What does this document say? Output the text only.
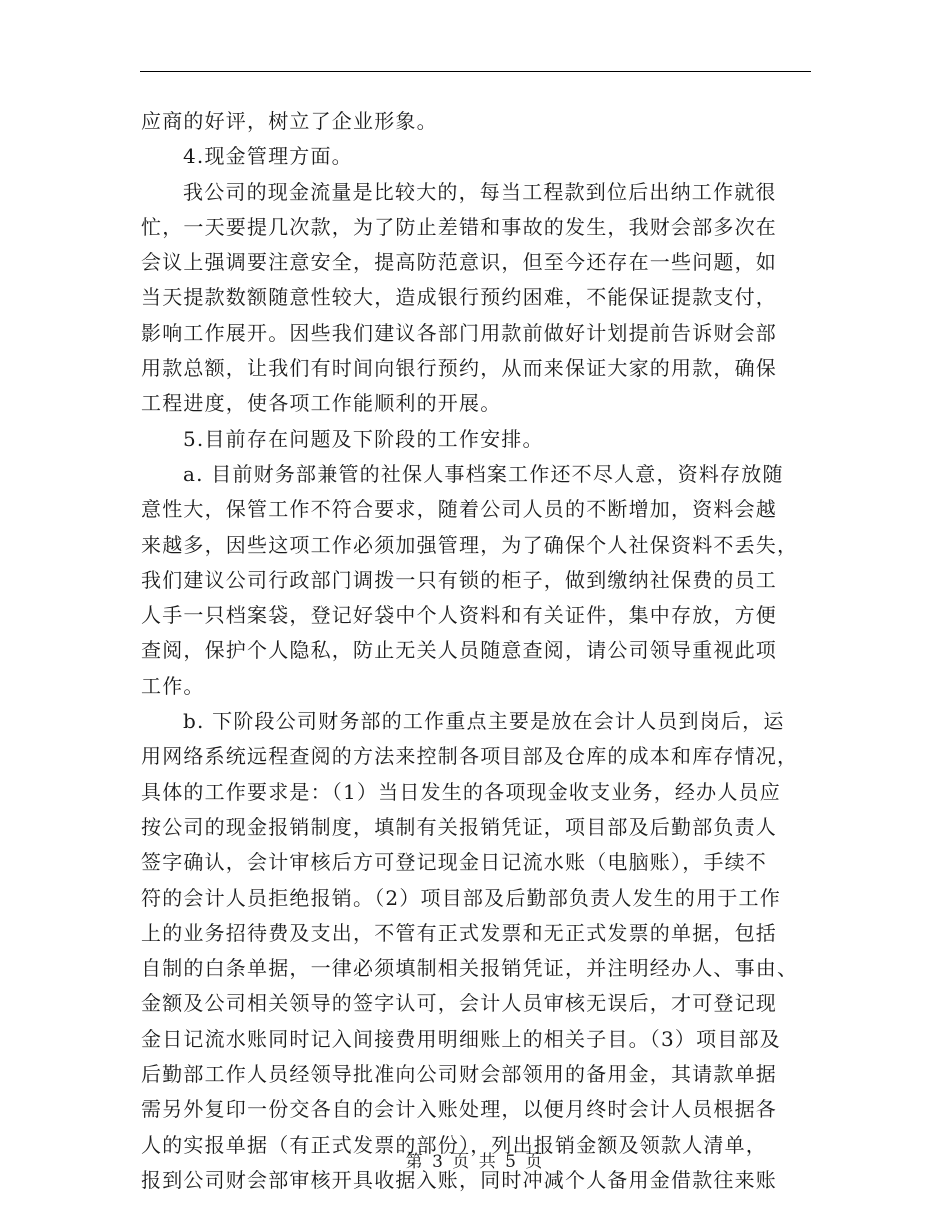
应商的好评，树立了企业形象。
4.现金管理方面。
我公司的现金流量是比较大的，每当工程款到位后出纳工作就很
忙，一天要提几次款，为了防止差错和事故的发生，我财会部多次在
会议上强调要注意安全，提高防范意识，但至今还存在一些问题，如
当天提款数额随意性较大，造成银行预约困难，不能保证提款支付，
影响工作展开。因些我们建议各部门用款前做好计划提前告诉财会部
用款总额，让我们有时间向银行预约，从而来保证大家的用款，确保
工程进度，使各项工作能顺利的开展。
5.目前存在问题及下阶段的工作安排。
a. 目前财务部兼管的社保人事档案工作还不尽人意，资料存放随
意性大，保管工作不符合要求，随着公司人员的不断增加，资料会越
来越多，因些这项工作必须加强管理，为了确保个人社保资料不丢失，
我们建议公司行政部门调拨一只有锁的柜子，做到缴纳社保费的员工
人手一只档案袋，登记好袋中个人资料和有关证件，集中存放，方便
查阅，保护个人隐私，防止无关人员随意查阅，请公司领导重视此项
工作。
b. 下阶段公司财务部的工作重点主要是放在会计人员到岗后，运
用网络系统远程查阅的方法来控制各项目部及仓库的成本和库存情况，
具体的工作要求是：（1）当日发生的各项现金收支业务，经办人员应
按公司的现金报销制度，填制有关报销凭证，项目部及后勤部负责人
签字确认，会计审核后方可登记现金日记流水账（电脑账），手续不
符的会计人员拒绝报销。（2）项目部及后勤部负责人发生的用于工作
上的业务招待费及支出，不管有正式发票和无正式发票的单据，包括
自制的白条单据，一律必须填制相关报销凭证，并注明经办人、事由、
金额及公司相关领导的签字认可，会计人员审核无误后，才可登记现
金日记流水账同时记入间接费用明细账上的相关子目。（3）项目部及
后勤部工作人员经领导批准向公司财会部领用的备用金，其请款单据
需另外复印一份交各自的会计入账处理，以便月终时会计人员根据各
人的实报单据（有正式发票的部份），列出报销金额及领款人清单，
报到公司财会部审核开具收据入账，同时冲减个人备用金借款往来账
第 3 页 共 5 页
